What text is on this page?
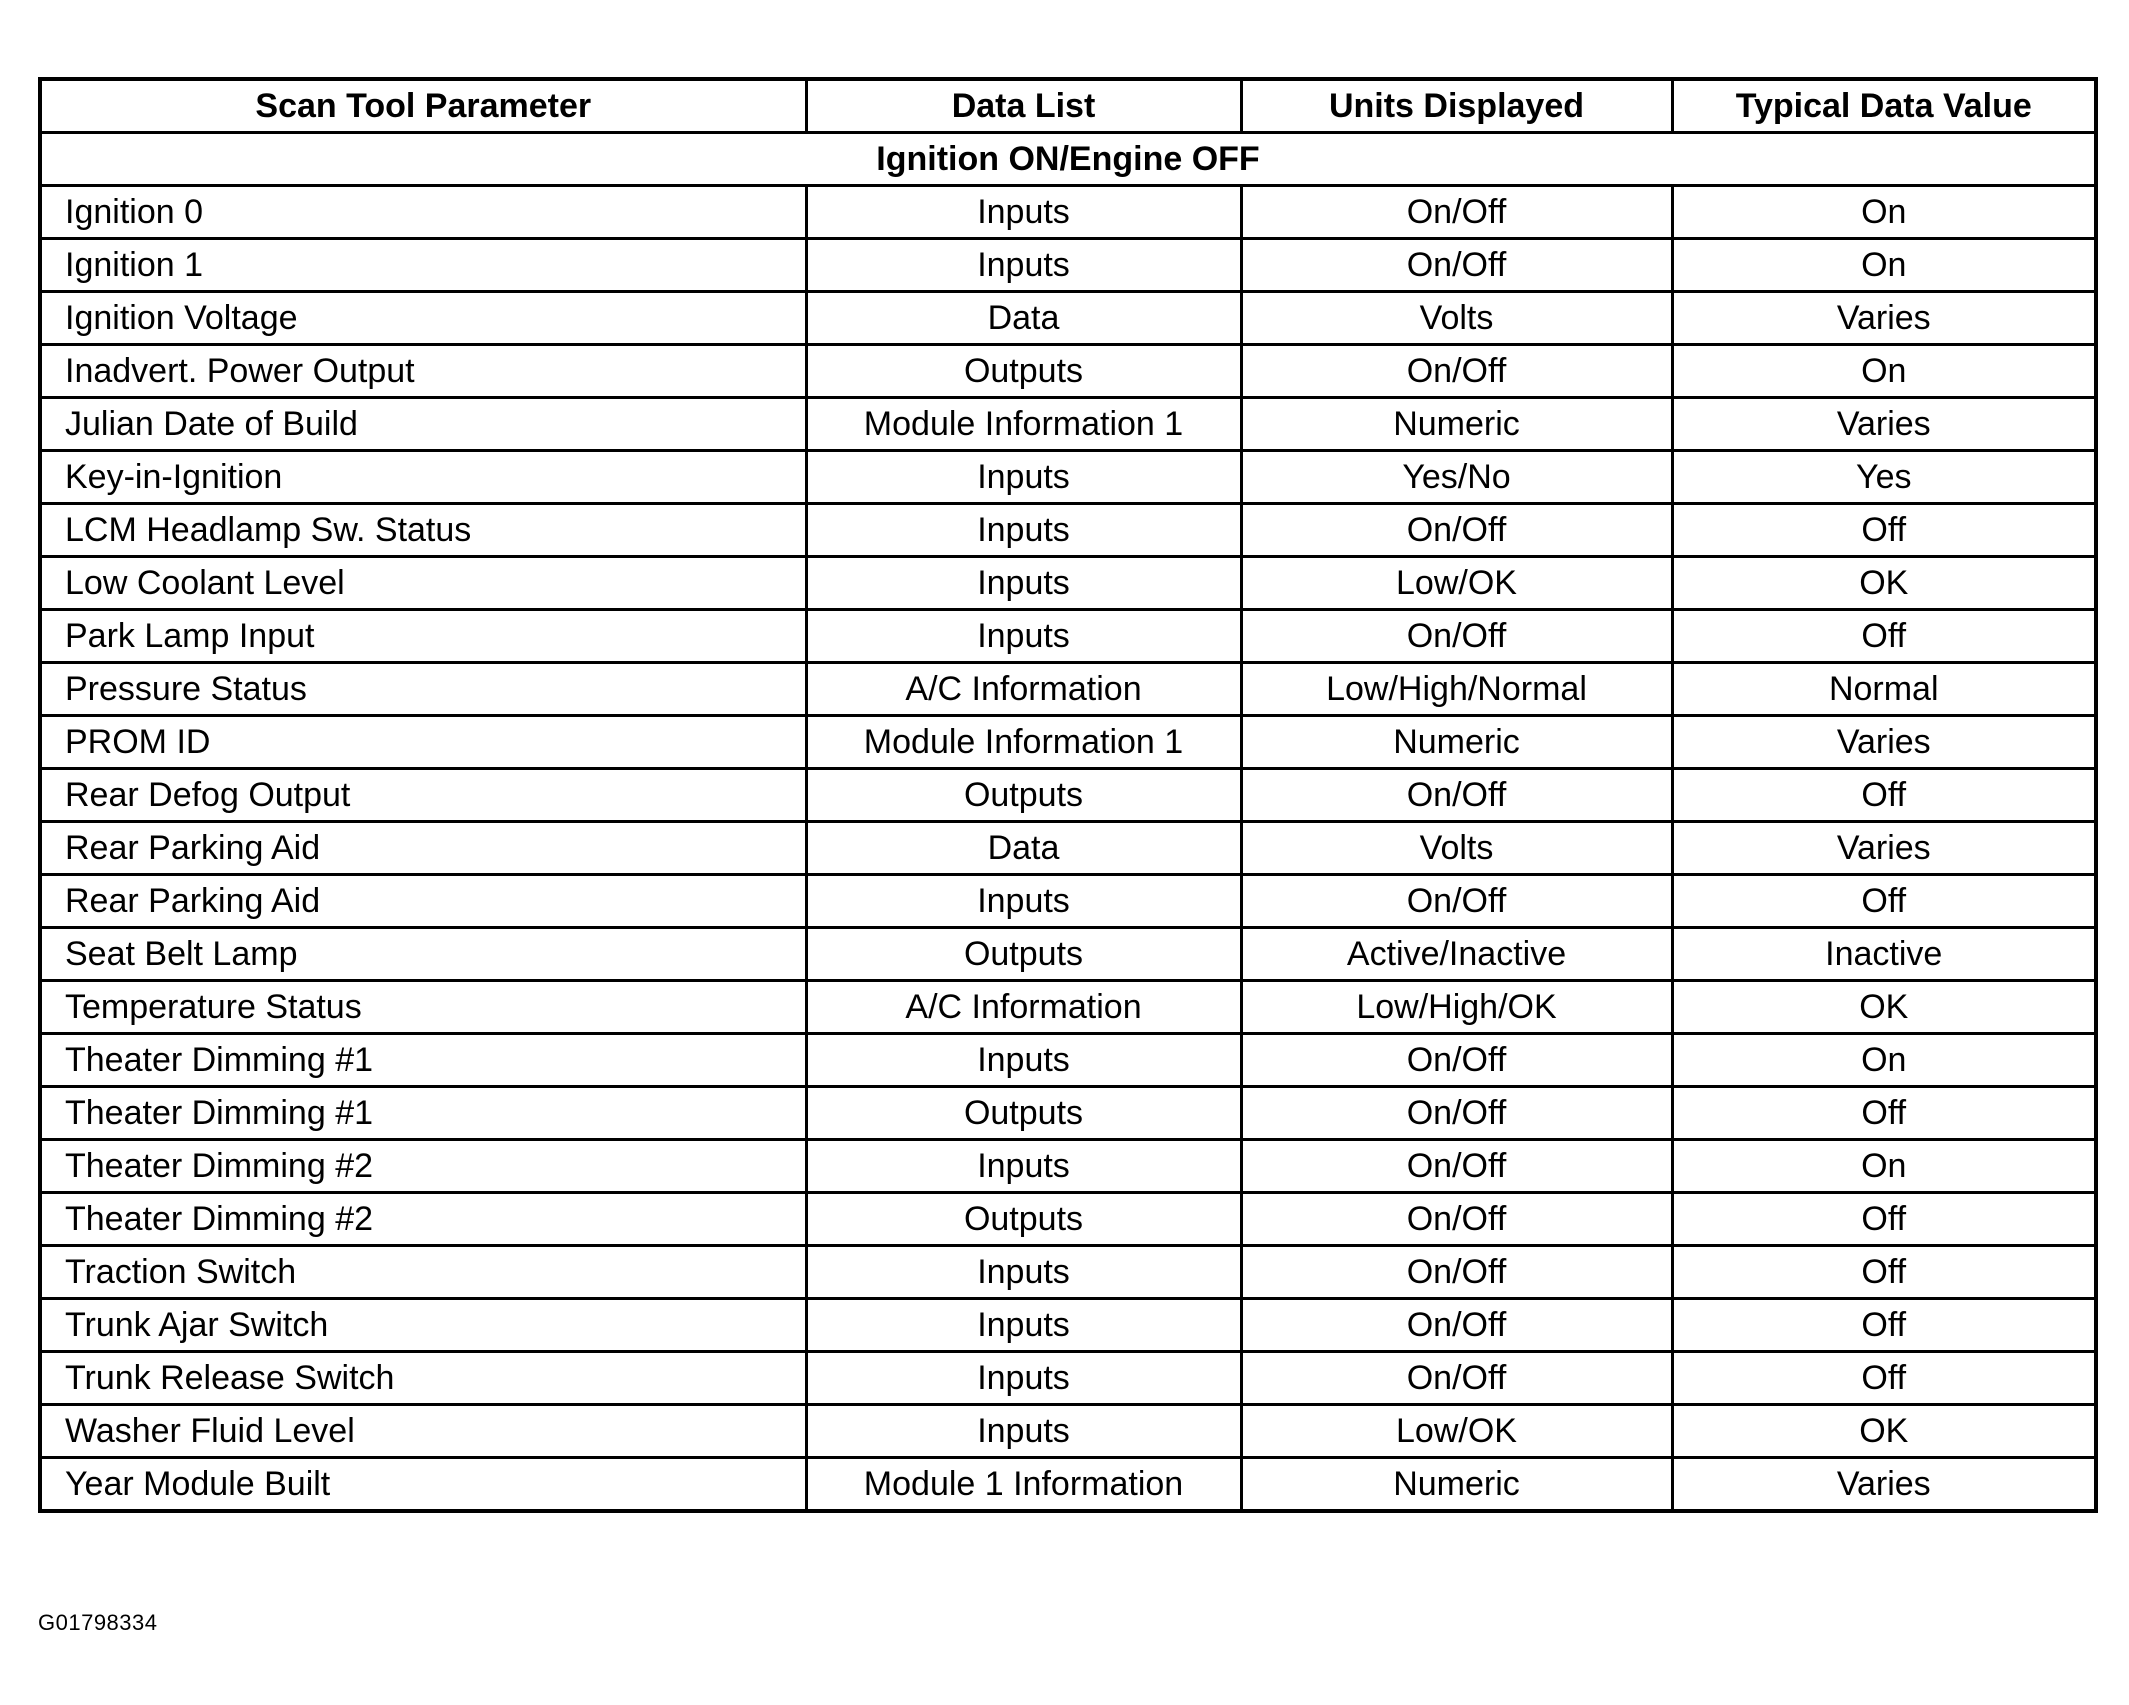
Scan Tool Parameter	Data List	Units Displayed	Typical Data Value
Ignition ON/Engine OFF			
Ignition 0	Inputs	On/Off	On
Ignition 1	Inputs	On/Off	On
Ignition Voltage	Data	Volts	Varies
Inadvert. Power Output	Outputs	On/Off	On
Julian Date of Build	Module Information 1	Numeric	Varies
Key-in-Ignition	Inputs	Yes/No	Yes
LCM Headlamp Sw. Status	Inputs	On/Off	Off
Low Coolant Level	Inputs	Low/OK	OK
Park Lamp Input	Inputs	On/Off	Off
Pressure Status	A/C Information	Low/High/Normal	Normal
PROM ID	Module Information 1	Numeric	Varies
Rear Defog Output	Outputs	On/Off	Off
Rear Parking Aid	Data	Volts	Varies
Rear Parking Aid	Inputs	On/Off	Off
Seat Belt Lamp	Outputs	Active/Inactive	Inactive
Temperature Status	A/C Information	Low/High/OK	OK
Theater Dimming #1	Inputs	On/Off	On
Theater Dimming #1	Outputs	On/Off	Off
Theater Dimming #2	Inputs	On/Off	On
Theater Dimming #2	Outputs	On/Off	Off
Traction Switch	Inputs	On/Off	Off
Trunk Ajar Switch	Inputs	On/Off	Off
Trunk Release Switch	Inputs	On/Off	Off
Washer Fluid Level	Inputs	Low/OK	OK
Year Module Built	Module 1 Information	Numeric	Varies
G01798334
